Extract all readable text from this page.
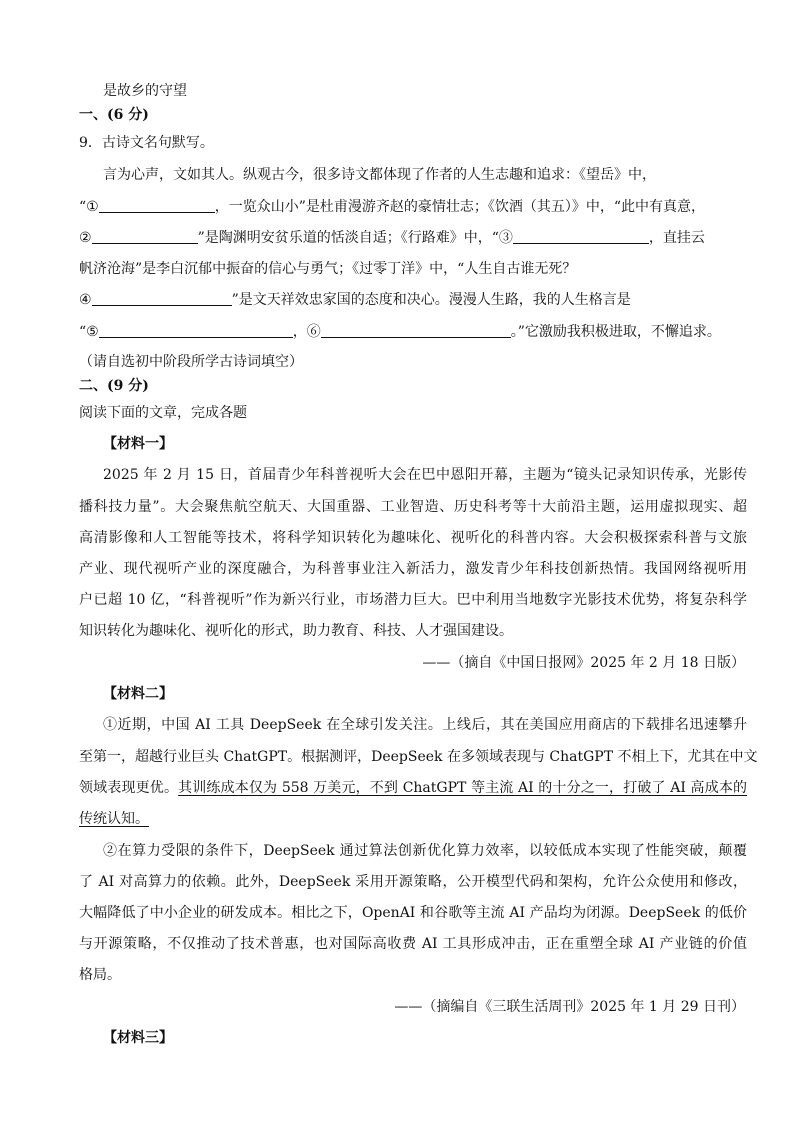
是故乡的守望
一、(6 分)
9．古诗文名句默写。
言为心声，文如其人。纵观古今，很多诗文都体现了作者的人生志趣和追求：《望岳》中，
“①	，一览众山小”是杜甫漫游齐赵的豪情壮志；《饮酒（其五）》中，“此中有真意，
②	”是陶渊明安贫乐道的恬淡自适；《行路难》中，“③	，直挂云
帆济沧海”是李白沉郁中振奋的信心与勇气；《过零丁洋》中，“人生自古谁无死？
④	”是文天祥效忠家国的态度和决心。漫漫人生路，我的人生格言是
“⑤	，⑥	。”它激励我积极进取，不懈追求。
（请自选初中阶段所学古诗词填空）
二、(9 分)
阅读下面的文章，完成各题
【材料一】
2025 年 2 月 15 日，首届青少年科普视听大会在巴中恩阳开幕，主题为“镜头记录知识传承，光影传
播科技力量”。大会聚焦航空航天、大国重器、工业智造、历史科考等十大前沿主题，运用虚拟现实、超
高清影像和人工智能等技术，将科学知识转化为趣味化、视听化的科普内容。大会积极探索科普与文旅
产业、现代视听产业的深度融合，为科普事业注入新活力，激发青少年科技创新热情。我国网络视听用
户已超 10 亿，“科普视听”作为新兴行业，市场潜力巨大。巴中利用当地数字光影技术优势，将复杂科学
知识转化为趣味化、视听化的形式，助力教育、科技、人才强国建设。
——（摘自《中国日报网》2025 年 2 月 18 日版）
【材料二】
①近期，中国 AI 工具 DeepSeek 在全球引发关注。上线后，其在美国应用商店的下载排名迅速攀升
至第一，超越行业巨头 ChatGPT。根据测评，DeepSeek 在多领域表现与 ChatGPT 不相上下，尤其在中文
领域表现更优。其训练成本仅为 558 万美元，不到 ChatGPT 等主流 AI 的十分之一，打破了 AI 高成本的
传统认知。
②在算力受限的条件下，DeepSeek 通过算法创新优化算力效率，以较低成本实现了性能突破，颠覆
了 AI 对高算力的依赖。此外，DeepSeek 采用开源策略，公开模型代码和架构，允许公众使用和修改，
大幅降低了中小企业的研发成本。相比之下，OpenAI 和谷歌等主流 AI 产品均为闭源。DeepSeek 的低价
与开源策略，不仅推动了技术普惠，也对国际高收费 AI 工具形成冲击，正在重塑全球 AI 产业链的价值
格局。
——（摘编自《三联生活周刊》2025 年 1 月 29 日刊）
【材料三】
